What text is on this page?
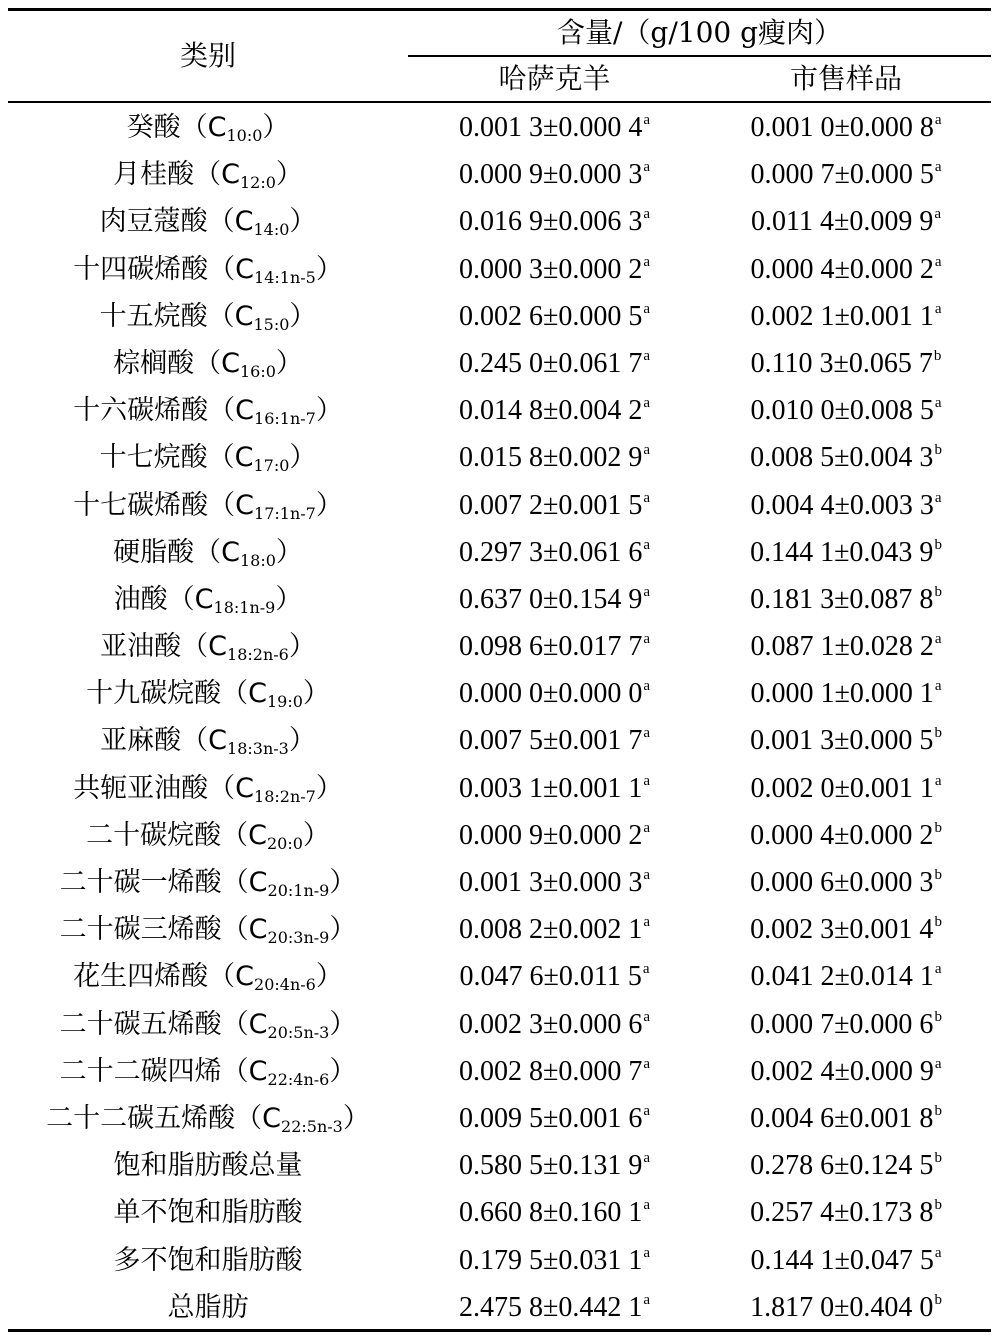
类别
含量/（g/100 g瘦肉）
哈萨克羊	市售样品
癸酸$(C_{10:0})$	0.001 3±0.000 4$^a$	0.001 0±0.000 8$^a$
月桂酸$(C_{12:0})$	0.000 9±0.000 3$^a$	0.000 7±0.000 5$^a$
肉豆蔻酸$(C_{14:0})$	0.016 9±0.006 3$^a$	0.011 4±0.009 9$^a$
十四碳烯酸$(C_{14:1n-5})$	0.000 3±0.000 2$^a$	0.000 4±0.000 2$^a$
十五烷酸$(C_{15:0})$	0.002 6±0.000 5$^a$	0.002 1±0.001 1$^a$
棕榈酸$(C_{16:0})$	0.245 0±0.061 7$^a$	0.110 3±0.065 7$^b$
十六碳烯酸$(C_{16:1n-7})$	0.014 8±0.004 2$^a$	0.010 0±0.008 5$^a$
十七烷酸$(C_{17:0})$	0.015 8±0.002 9$^a$	0.008 5±0.004 3$^b$
十七碳烯酸$(C_{17:1n-7})$	0.007 2±0.001 5$^a$	0.004 4±0.003 3$^a$
硬脂酸$(C_{18:0})$	0.297 3±0.061 6$^a$	0.144 1±0.043 9$^b$
油酸$(C_{18:1n-9})$	0.637 0±0.154 9$^a$	0.181 3±0.087 8$^b$
亚油酸$(C_{18:2n-6})$	0.098 6±0.017 7$^a$	0.087 1±0.028 2$^a$
十九碳烷酸$(C_{19:0})$	0.000 0±0.000 0$^a$	0.000 1±0.000 1$^a$
亚麻酸$(C_{18:3n-3})$	0.007 5±0.001 7$^a$	0.001 3±0.000 5$^b$
共轭亚油酸$(C_{18:2n-7})$	0.003 1±0.001 1$^a$	0.002 0±0.001 1$^a$
二十碳烷酸$(C_{20:0})$	0.000 9±0.000 2$^a$	0.000 4±0.000 2$^b$
二十碳一烯酸$(C_{20:1n-9})$	0.001 3±0.000 3$^a$	0.000 6±0.000 3$^b$
二十碳三烯酸$(C_{20:3n-9})$	0.008 2±0.002 1$^a$	0.002 3±0.001 4$^b$
花生四烯酸$(C_{20:4n-6})$	0.047 6±0.011 5$^a$	0.041 2±0.014 1$^a$
二十碳五烯酸$(C_{20:5n-3})$	0.002 3±0.000 6$^a$	0.000 7±0.000 6$^b$
二十二碳四烯$(C_{22:4n-6})$	0.002 8±0.000 7$^a$	0.002 4±0.000 9$^a$
二十二碳五烯酸$(C_{22:5n-3})$	0.009 5±0.001 6$^a$	0.004 6±0.001 8$^b$
饱和脂肪酸总量	0.580 5±0.131 9$^a$	0.278 6±0.124 5$^b$
单不饱和脂肪酸	0.660 8±0.160 1$^a$	0.257 4±0.173 8$^b$
多不饱和脂肪酸	0.179 5±0.031 1$^a$	0.144 1±0.047 5$^a$
总脂肪	2.475 8±0.442 1$^a$	1.817 0±0.404 0$^b$
